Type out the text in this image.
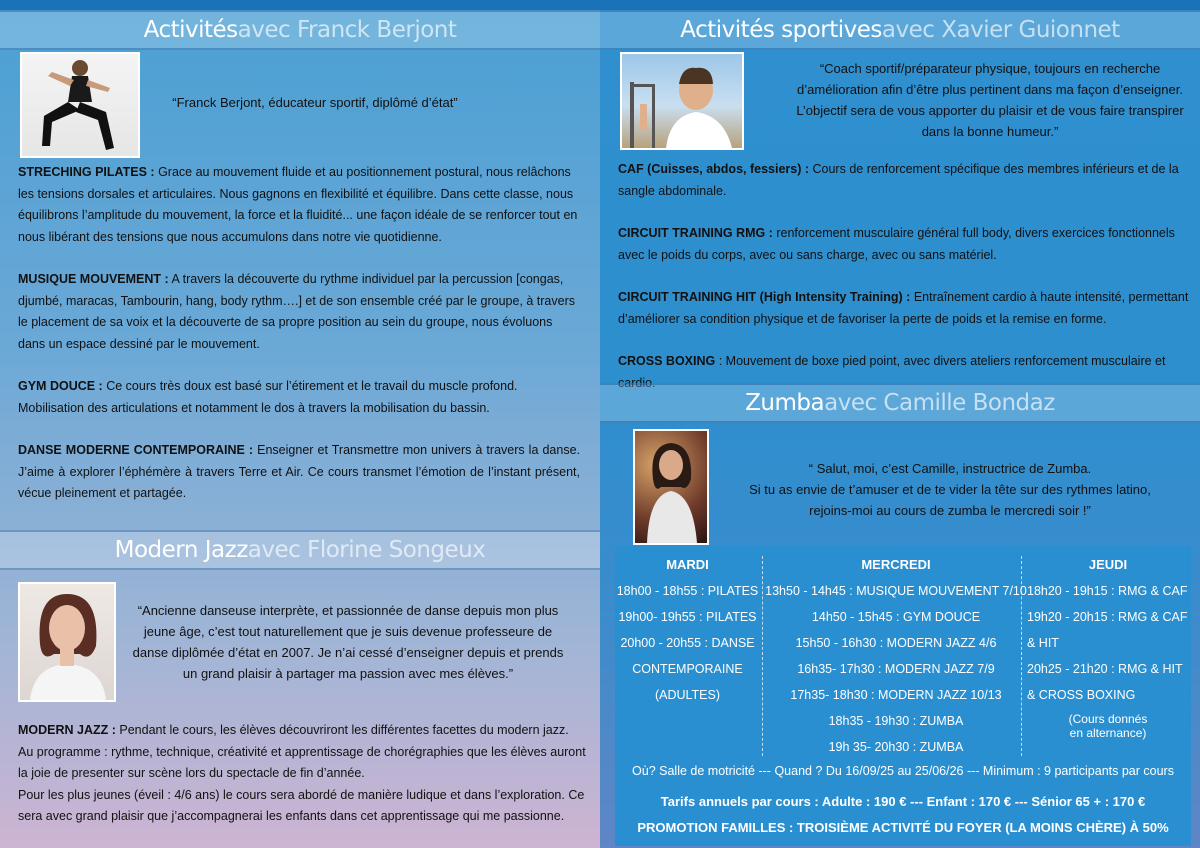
Activités avec Franck Berjont
“Franck Berjont, éducateur sportif, diplômé d’état”
STRECHING PILATES : Grace au mouvement fluide et au positionnement postural, nous relâchons les tensions dorsales et articulaires. Nous gagnons en flexibilité et équilibre. Dans cette classe, nous équilibrons l’amplitude du mouvement, la force et la fluidité... une façon idéale de se renforcer tout en nous libérant des tensions que nous accumulons dans notre vie quotidienne.
MUSIQUE MOUVEMENT : A travers la découverte du rythme individuel par la percussion [congas, djumbé, maracas, Tambourin, hang, body rythm….] et de son ensemble créé par le groupe, à travers le placement de sa voix et la découverte de sa propre position au sein du groupe, nous évoluons dans un espace dessiné par le mouvement.
GYM DOUCE : Ce cours très doux est basé sur l’étirement et le travail du muscle profond. Mobilisation des articulations et notamment le dos à travers la mobilisation du bassin.
DANSE MODERNE CONTEMPORAINE : Enseigner et Transmettre mon univers à travers la danse. J’aime à explorer l’éphémère à travers Terre et Air. Ce cours transmet l’émotion de l’instant présent, vécue pleinement et partagée.
Modern Jazz avec Florine Songeux
“Ancienne danseuse interprète, et passionnée de danse depuis mon plus jeune âge, c’est tout naturellement que je suis devenue professeure de danse diplômée d’état en 2007. Je n’ai cessé d’enseigner depuis et prends un grand plaisir à partager ma passion avec mes élèves.”
MODERN JAZZ : Pendant le cours, les élèves découvriront les différentes facettes du modern jazz.
Au programme : rythme, technique, créativité et apprentissage de chorégraphies que les élèves auront la joie de presenter sur scène lors du spectacle de fin d’année.
Pour les plus jeunes (éveil : 4/6 ans) le cours sera abordé de manière ludique et dans l’exploration. Ce sera avec grand plaisir que j’accompagnerai les enfants dans cet apprentissage qui me passionne.
Activités sportives avec Xavier Guionnet
“Coach sportif/préparateur physique, toujours en recherche d’amélioration afin d’être plus pertinent dans ma façon d’enseigner. L’objectif sera de vous apporter du plaisir et de vous faire transpirer dans la bonne humeur.”
CAF (Cuisses, abdos, fessiers) : Cours de renforcement spécifique des membres inférieurs et de la sangle abdominale.
CIRCUIT TRAINING RMG : renforcement musculaire général full body, divers exercices fonctionnels avec le poids du corps, avec ou sans charge, avec ou sans matériel.
CIRCUIT TRAINING HIT (High Intensity Training) : Entraînement cardio à haute intensité, permettant d’améliorer sa condition physique et de favoriser la perte de poids et la remise en forme.
CROSS BOXING : Mouvement de boxe pied point, avec divers ateliers renforcement musculaire et cardio.
Zumba avec Camille Bondaz
“ Salut, moi, c’est Camille, instructrice de Zumba.
Si tu as envie de t’amuser et de te vider la tête sur des rythmes latino,
rejoins-moi au cours de zumba le mercredi soir !”
MARDI
18h00 - 18h55 : PILATES
19h00- 19h55 : PILATES
20h00 - 20h55 : DANSE
CONTEMPORAINE
(ADULTES)
MERCREDI
13h50 - 14h45 : MUSIQUE MOUVEMENT 7/10
14h50 - 15h45 : GYM DOUCE
15h50 - 16h30 : MODERN JAZZ 4/6
16h35- 17h30 : MODERN JAZZ 7/9
17h35- 18h30 : MODERN JAZZ 10/13
18h35 - 19h30 : ZUMBA
19h 35- 20h30 : ZUMBA
JEUDI
18h20 - 19h15 : RMG & CAF
19h20 - 20h15 : RMG & CAF
& HIT
20h25 - 21h20 : RMG & HIT
& CROSS BOXING
(Cours donnés
en alternance)
Où? Salle de motricité --- Quand ? Du 16/09/25 au 25/06/26 --- Minimum : 9 participants par cours
Tarifs annuels par cours : Adulte : 190 € --- Enfant : 170 € --- Sénior 65 + : 170 €
PROMOTION FAMILLES : TROISIÈME ACTIVITÉ DU FOYER (LA MOINS CHÈRE) À 50%
